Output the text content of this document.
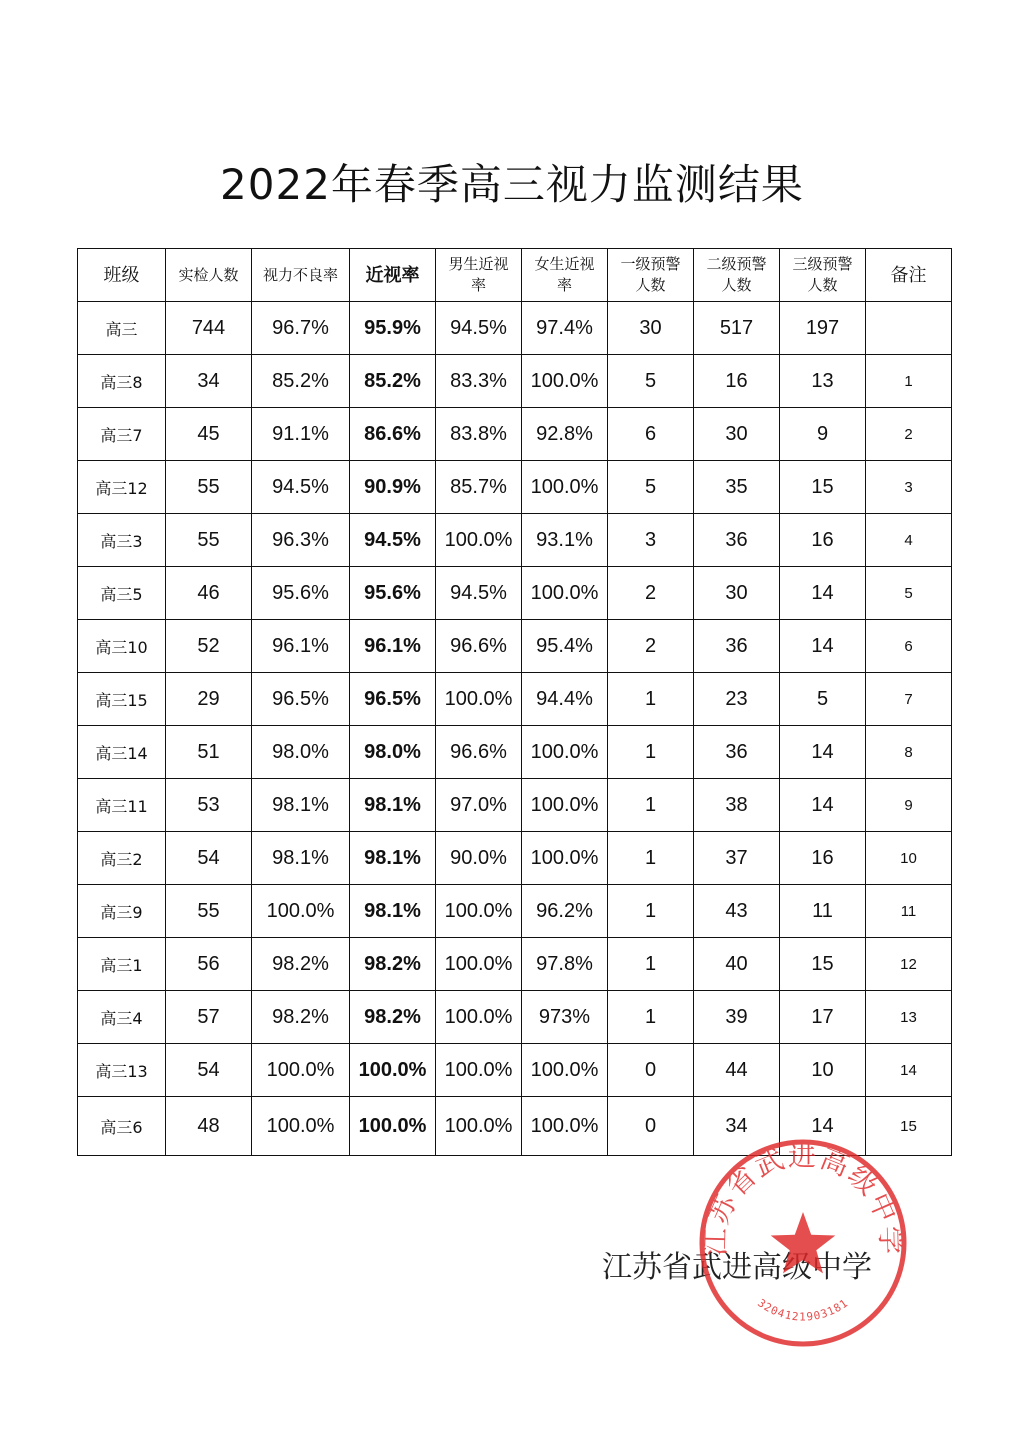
2022年春季高三视力监测结果
班级	实检人数	视力不良率	近视率	男生近视率	女生近视率	一级预警人数	二级预警人数	三级预警人数	备注
高三	744	96.7%	95.9%	94.5%	97.4%	30	517	197	
高三8	34	85.2%	85.2%	83.3%	100.0%	5	16	13	1
高三7	45	91.1%	86.6%	83.8%	92.8%	6	30	9	2
高三12	55	94.5%	90.9%	85.7%	100.0%	5	35	15	3
高三3	55	96.3%	94.5%	100.0%	93.1%	3	36	16	4
高三5	46	95.6%	95.6%	94.5%	100.0%	2	30	14	5
高三10	52	96.1%	96.1%	96.6%	95.4%	2	36	14	6
高三15	29	96.5%	96.5%	100.0%	94.4%	1	23	5	7
高三14	51	98.0%	98.0%	96.6%	100.0%	1	36	14	8
高三11	53	98.1%	98.1%	97.0%	100.0%	1	38	14	9
高三2	54	98.1%	98.1%	90.0%	100.0%	1	37	16	10
高三9	55	100.0%	98.1%	100.0%	96.2%	1	43	11	11
高三1	56	98.2%	98.2%	100.0%	97.8%	1	40	15	12
高三4	57	98.2%	98.2%	100.0%	973%	1	39	17	13
高三13	54	100.0%	100.0%	100.0%	100.0%	0	44	10	14
高三6	48	100.0%	100.0%	100.0%	100.0%	0	34	14	15
江苏省武进高级中学
江苏省武进高级中学
3204121903181
